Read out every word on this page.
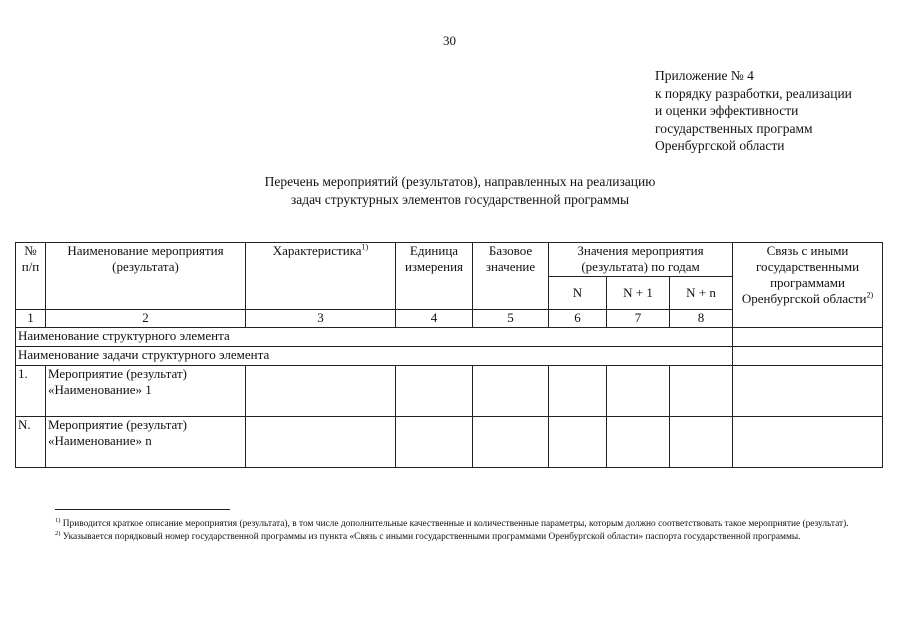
30
Приложение № 4
к порядку разработки, реализации
и оценки эффективности
государственных программ
Оренбургской области
Перечень мероприятий (результатов), направленных на реализацию
задач структурных элементов государственной программы
№ п/п	Наименование мероприятия (результата)	Характеристика$^{1)}$	Единица измерения	Базовое значение	Значения мероприятия (результата) по годам			Связь с иными государственными программами Оренбургской области$^{2)}$
					N	N + 1	N + n	
1	2	3	4	5	6	7	8	
Наименование структурного элемента								
Наименование задачи структурного элемента								
1.	Мероприятие (результат)
«Наименование» 1							

N.	Мероприятие (результат)
«Наименование» n							

$^{1)}$ Приводится краткое описание мероприятия (результата), в том числе дополнительные качественные и количественные параметры, которым должно соответствовать такое мероприятие (результат).

$^{2)}$ Указывается порядковый номер государственной программы из пункта «Связь с иными государственными программами Оренбургской области» паспорта государственной программы.
